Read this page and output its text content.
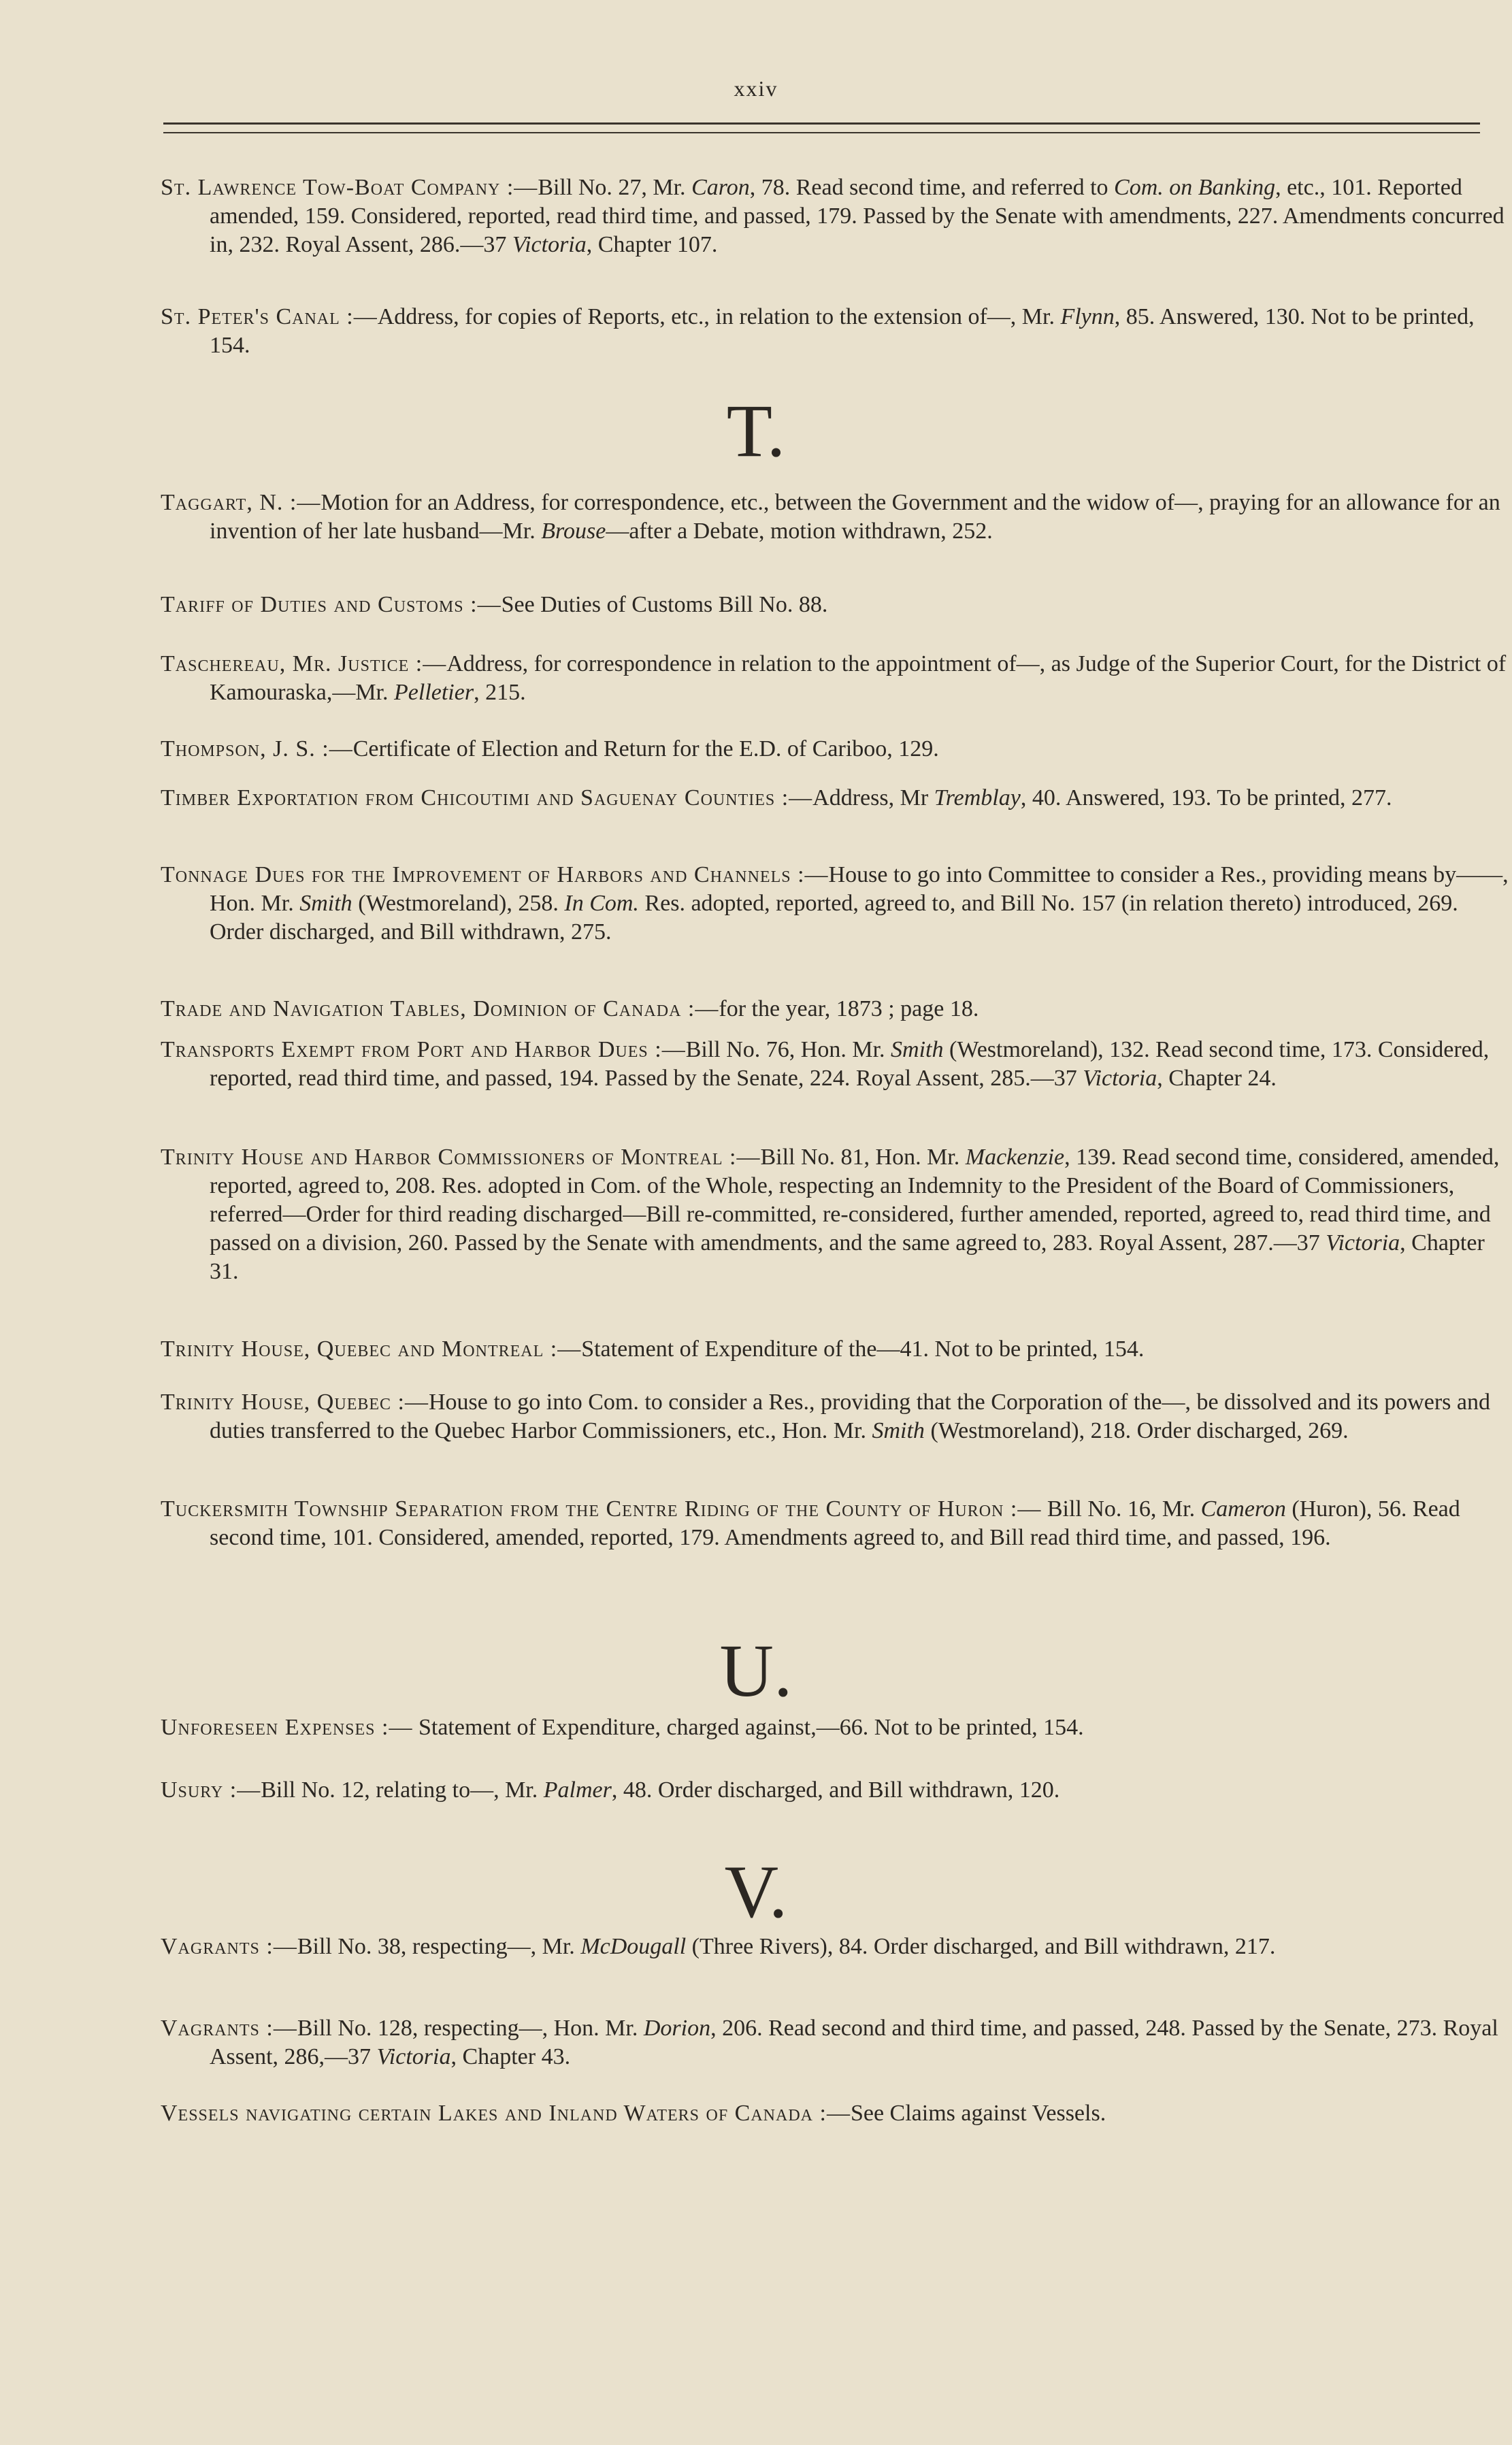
xxiv
St. Lawrence Tow-Boat Company :—Bill No. 27, Mr. Caron, 78. Read second time, and referred to Com. on Banking, etc., 101. Reported amended, 159. Considered, reported, read third time, and passed, 179. Passed by the Senate with amendments, 227. Amendments concurred in, 232. Royal Assent, 286.—37 Victoria, Chapter 107.
St. Peter's Canal :—Address, for copies of Reports, etc., in relation to the extension of—, Mr. Flynn, 85. Answered, 130. Not to be printed, 154.
T.
Taggart, N. :—Motion for an Address, for correspondence, etc., between the Government and the widow of—, praying for an allowance for an invention of her late husband—Mr. Brouse—after a Debate, motion withdrawn, 252.
Tariff of Duties and Customs :—See Duties of Customs Bill No. 88.
Taschereau, Mr. Justice :—Address, for correspondence in relation to the appointment of—, as Judge of the Superior Court, for the District of Kamouraska,—Mr. Pelletier, 215.
Thompson, J. S. :—Certificate of Election and Return for the E.D. of Cariboo, 129.
Timber Exportation from Chicoutimi and Saguenay Counties :—Address, Mr Tremblay, 40. Answered, 193. To be printed, 277.
Tonnage Dues for the Improvement of Harbors and Channels :—House to go into Committee to consider a Res., providing means by——, Hon. Mr. Smith (Westmoreland), 258. In Com. Res. adopted, reported, agreed to, and Bill No. 157 (in relation thereto) introduced, 269. Order discharged, and Bill withdrawn, 275.
Trade and Navigation Tables, Dominion of Canada :—for the year, 1873 ; page 18.
Transports Exempt from Port and Harbor Dues :—Bill No. 76, Hon. Mr. Smith (Westmoreland), 132. Read second time, 173. Considered, reported, read third time, and passed, 194. Passed by the Senate, 224. Royal Assent, 285.—37 Victoria, Chapter 24.
Trinity House and Harbor Commissioners of Montreal :—Bill No. 81, Hon. Mr. Mackenzie, 139. Read second time, considered, amended, reported, agreed to, 208. Res. adopted in Com. of the Whole, respecting an Indemnity to the President of the Board of Commissioners, referred—Order for third reading discharged—Bill re-committed, re-considered, further amended, reported, agreed to, read third time, and passed on a division, 260. Passed by the Senate with amendments, and the same agreed to, 283. Royal Assent, 287.—37 Victoria, Chapter 31.
Trinity House, Quebec and Montreal :—Statement of Expenditure of the—41. Not to be printed, 154.
Trinity House, Quebec :—House to go into Com. to consider a Res., providing that the Corporation of the—, be dissolved and its powers and duties transferred to the Quebec Harbor Commissioners, etc., Hon. Mr. Smith (Westmoreland), 218. Order discharged, 269.
Tuckersmith Township Separation from the Centre Riding of the County of Huron :— Bill No. 16, Mr. Cameron (Huron), 56. Read second time, 101. Considered, amended, reported, 179. Amendments agreed to, and Bill read third time, and passed, 196.
U.
Unforeseen Expenses :— Statement of Expenditure, charged against,—66. Not to be printed, 154.
Usury :—Bill No. 12, relating to—, Mr. Palmer, 48. Order discharged, and Bill withdrawn, 120.
V.
Vagrants :—Bill No. 38, respecting—, Mr. McDougall (Three Rivers), 84. Order discharged, and Bill withdrawn, 217.
Vagrants :—Bill No. 128, respecting—, Hon. Mr. Dorion, 206. Read second and third time, and passed, 248. Passed by the Senate, 273. Royal Assent, 286,—37 Victoria, Chapter 43.
Vessels navigating certain Lakes and Inland Waters of Canada :—See Claims against Vessels.
